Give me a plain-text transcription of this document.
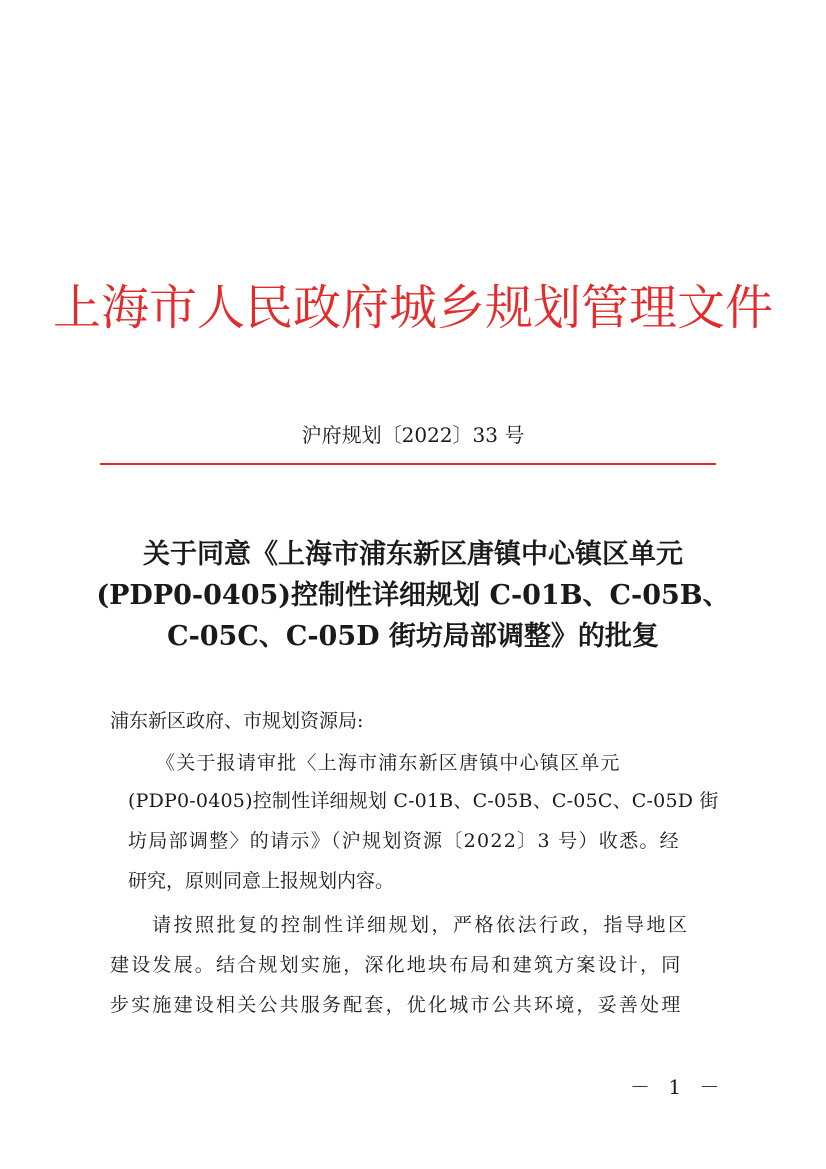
上海市人民政府城乡规划管理文件
沪府规划〔2022〕33 号
关于同意《上海市浦东新区唐镇中心镇区单元
(PDP0-0405)控制性详细规划 C-01B、C-05B、
C-05C、C-05D 街坊局部调整》的批复
浦东新区政府、市规划资源局:
《关于报请审批〈上海市浦东新区唐镇中心镇区单元
(PDP0-0405)控制性详细规划 C-01B、C-05B、C-05C、C-05D 街
坊局部调整〉的请示》（沪规划资源〔2022〕3 号）收悉。经
研究，原则同意上报规划内容。
请按照批复的控制性详细规划，严格依法行政，指导地区
建设发展。结合规划实施，深化地块布局和建筑方案设计，同
步实施建设相关公共服务配套，优化城市公共环境，妥善处理
－ 1 －
